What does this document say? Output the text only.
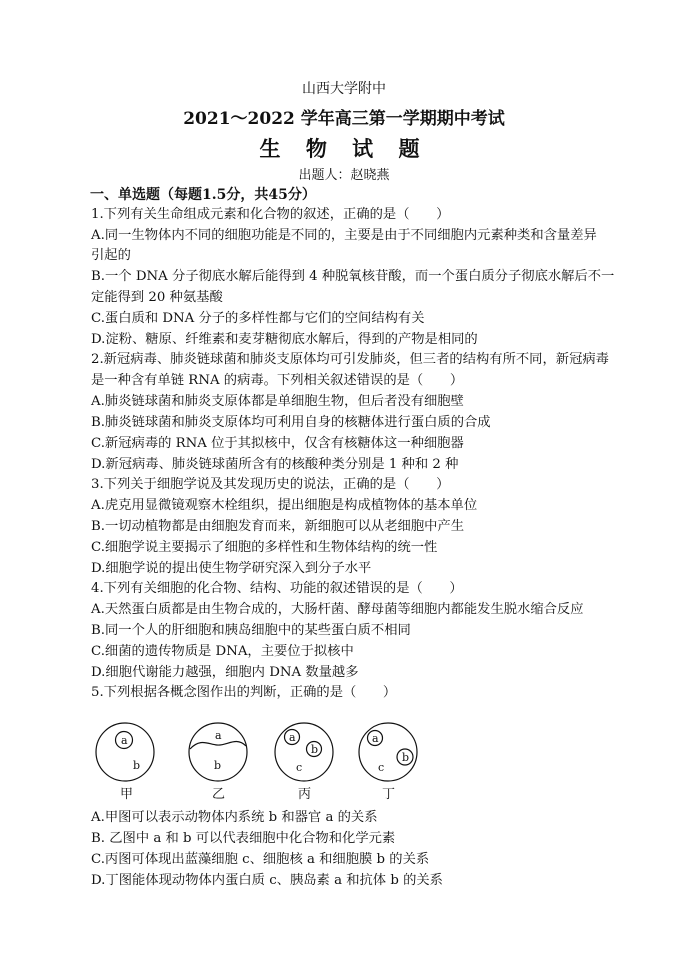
山西大学附中
2021～2022 学年高三第一学期期中考试
生 物 试 题
出题人：赵晓燕
一、单选题（每题1.5分，共45分）
1.下列有关生命组成元素和化合物的叙述，正确的是（　　）
A.同一生物体内不同的细胞功能是不同的，主要是由于不同细胞内元素种类和含量差异
引起的
B.一个 DNA 分子彻底水解后能得到 4 种脱氧核苷酸，而一个蛋白质分子彻底水解后不一
定能得到 20 种氨基酸
C.蛋白质和 DNA 分子的多样性都与它们的空间结构有关
D.淀粉、糖原、纤维素和麦芽糖彻底水解后，得到的产物是相同的
2.新冠病毒、肺炎链球菌和肺炎支原体均可引发肺炎，但三者的结构有所不同，新冠病毒
是一种含有单链 RNA 的病毒。下列相关叙述错误的是（　　）
A.肺炎链球菌和肺炎支原体都是单细胞生物，但后者没有细胞壁
B.肺炎链球菌和肺炎支原体均可利用自身的核糖体进行蛋白质的合成
C.新冠病毒的 RNA 位于其拟核中，仅含有核糖体这一种细胞器
D.新冠病毒、肺炎链球菌所含有的核酸种类分别是 1 种和 2 种
3.下列关于细胞学说及其发现历史的说法，正确的是（　　）
A.虎克用显微镜观察木栓组织，提出细胞是构成植物体的基本单位
B.一切动植物都是由细胞发育而来，新细胞可以从老细胞中产生
C.细胞学说主要揭示了细胞的多样性和生物体结构的统一性
D.细胞学说的提出使生物学研究深入到分子水平
4.下列有关细胞的化合物、结构、功能的叙述错误的是（　　）
A.天然蛋白质都是由生物合成的，大肠杆菌、酵母菌等细胞内都能发生脱水缩合反应
B.同一个人的肝细胞和胰岛细胞中的某些蛋白质不相同
C.细菌的遗传物质是 DNA，主要位于拟核中
D.细胞代谢能力越强，细胞内 DNA 数量越多
5.下列根据各概念图作出的判断，正确的是（　　）
a
b
a
b
a
b
c
a
b
c
甲	乙	丙	丁
A.甲图可以表示动物体内系统 b 和器官 a 的关系
B. 乙图中 a 和 b 可以代表细胞中化合物和化学元素
C.丙图可体现出蓝藻细胞 c、细胞核 a 和细胞膜 b 的关系
D.丁图能体现动物体内蛋白质 c、胰岛素 a 和抗体 b 的关系
